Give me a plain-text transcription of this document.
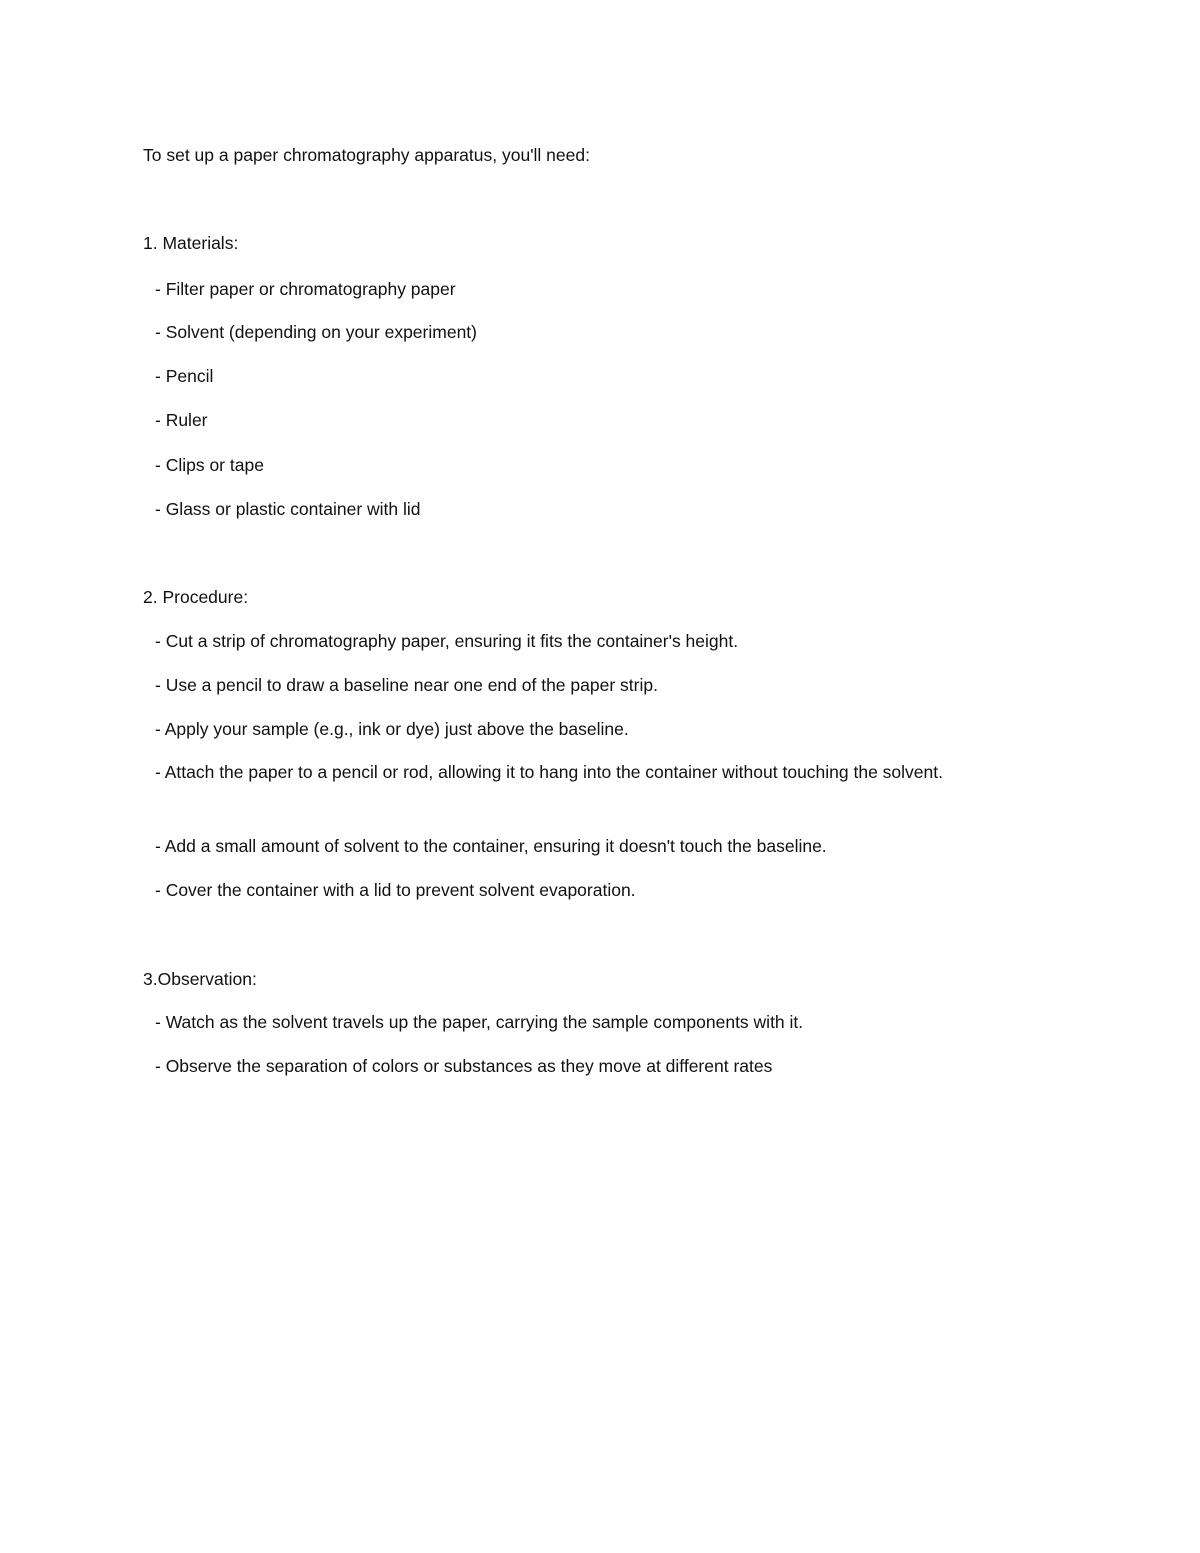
To set up a paper chromatography apparatus, you'll need:
1. Materials:
- Filter paper or chromatography paper
- Solvent (depending on your experiment)
- Pencil
- Ruler
- Clips or tape
- Glass or plastic container with lid
2. Procedure:
- Cut a strip of chromatography paper, ensuring it fits the container's height.
- Use a pencil to draw a baseline near one end of the paper strip.
- Apply your sample (e.g., ink or dye) just above the baseline.
- Attach the paper to a pencil or rod, allowing it to hang into the container without touching the solvent.
- Add a small amount of solvent to the container, ensuring it doesn't touch the baseline.
- Cover the container with a lid to prevent solvent evaporation.
3.Observation:
- Watch as the solvent travels up the paper, carrying the sample components with it.
- Observe the separation of colors or substances as they move at different rates
